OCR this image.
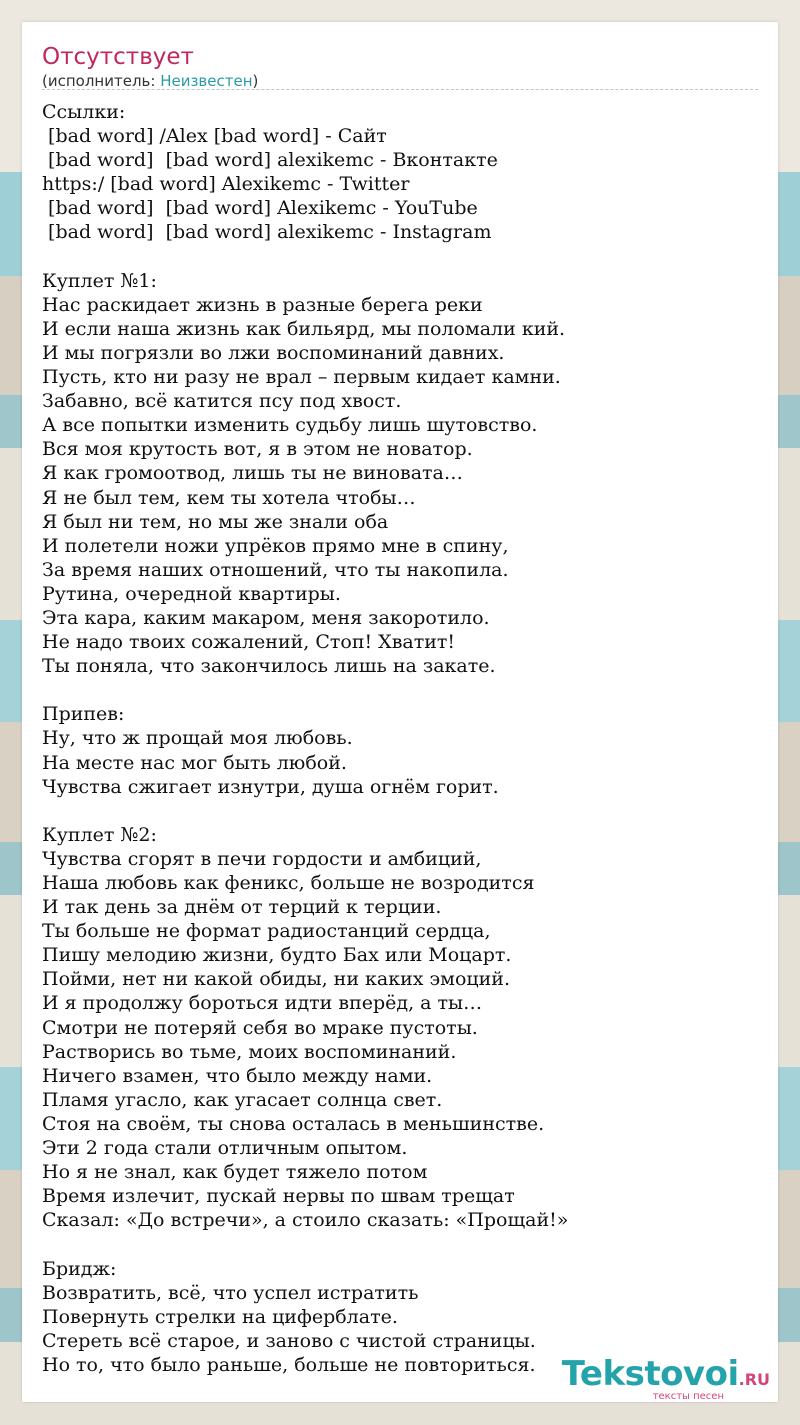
Отсутствует
(исполнитель: Неизвестен)
Ссылки:
[bad word] /Alex [bad word] - Сайт
[bad word]  [bad word] alexikemc - Вконтакте
https:/ [bad word] Alexikemc - Twitter
[bad word]  [bad word] Alexikemc - YouTube
[bad word]  [bad word] alexikemc - Instagram

Куплет №1:
Нас раскидает жизнь в разные берега реки
И если наша жизнь как бильярд, мы поломали кий.
И мы погрязли во лжи воспоминаний давних.
Пусть, кто ни разу не врал – первым кидает камни.
Забавно, всё катится псу под хвост.
А все попытки изменить судьбу лишь шутовство.
Вся моя крутость вот, я в этом не новатор.
Я как громоотвод, лишь ты не виновата…
Я не был тем, кем ты хотела чтобы…
Я был ни тем, но мы же знали оба
И полетели ножи упрёков прямо мне в спину,
За время наших отношений, что ты накопила.
Рутина, очередной квартиры.
Эта кара, каким макаром, меня закоротило.
Не надо твоих сожалений, Стоп! Хватит!
Ты поняла, что закончилось лишь на закате.

Припев:
Ну, что ж прощай моя любовь.
На месте нас мог быть любой.
Чувства сжигает изнутри, душа огнём горит.

Куплет №2:
Чувства сгорят в печи гордости и амбиций,
Наша любовь как феникс, больше не возродится
И так день за днём от терций к терции.
Ты больше не формат радиостанций сердца,
Пишу мелодию жизни, будто Бах или Моцарт.
Пойми, нет ни какой обиды, ни каких эмоций.
И я продолжу бороться идти вперёд, а ты…
Смотри не потеряй себя во мраке пустоты.
Растворись во тьме, моих воспоминаний.
Ничего взамен, что было между нами.
Пламя угасло, как угасает солнца свет.
Стоя на своём, ты снова осталась в меньшинстве.
Эти 2 года стали отличным опытом.
Но я не знал, как будет тяжело потом
Время излечит, пускай нервы по швам трещат
Сказал: «До встречи», а стоило сказать: «Прощай!»

Бридж:
Возвратить, всё, что успел истратить
Повернуть стрелки на циферблате.
Стереть всё старое, и заново с чистой страницы.
Но то, что было раньше, больше не повториться. Tekstovoi.RU
тексты песен
